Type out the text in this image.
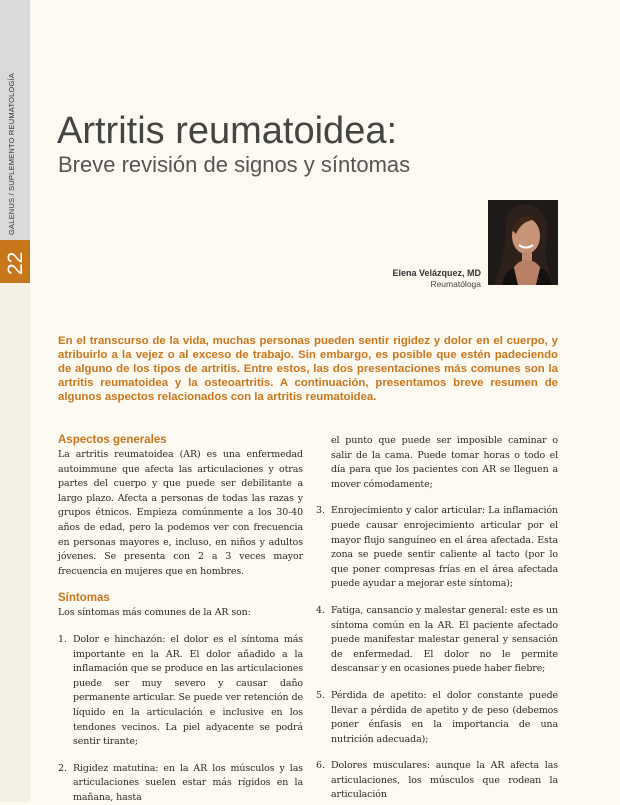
GALENUS / SUPLEMENTO REUMATOLOGÍA
22
Artritis reumatoidea:
Breve revisión de signos y síntomas
Elena Velázquez, MD
Reumatóloga

En el transcurso de la vida, muchas personas pueden sentir rigidez y dolor en el cuerpo, y atribuirlo a la vejez o al exceso de trabajo. Sin embargo, es posible que estén padeciendo de alguno de los tipos de artritis. Entre estos, las dos presentaciones más comunes son la artritis reumatoidea y la osteoartritis. A continuación, presentamos breve resumen de algunos aspectos relacionados con la artritis reumatoidea.

Aspectos generales

La artritis reumatoidea (AR) es una enfermedad autoimmune que afecta las articulaciones y otras partes del cuerpo y que puede ser debilitante a largo plazo. Afecta a personas de todas las razas y grupos étnicos. Empieza comúnmente a los 30-40 años de edad, pero la podemos ver con frecuencia en personas mayores e, incluso, en niños y adultos jóvenes. Se presenta con 2 a 3 veces mayor frecuencia en mujeres que en hombres.

Síntomas

Los síntomas más comunes de la AR son:

1. Dolor e hinchazón: el dolor es el síntoma más importante en la AR. El dolor añadido a la inflamación que se produce en las articulaciones puede ser muy severo y causar daño permanente articular. Se puede ver retención de líquido en la articulación e inclusive en los tendones vecinos. La piel adyacente se podrá sentir tirante;
2. Rigidez matutina: en la AR los músculos y las articulaciones suelen estar más rígidos en la mañana, hasta
el punto que puede ser imposible caminar o salir de la cama. Puede tomar horas o todo el día para que los pacientes con AR se lleguen a mover cómodamente;
3. Enrojecimiento y calor articular: La inflamación puede causar enrojecimiento articular por el mayor flujo sanguíneo en el área afectada. Esta zona se puede sentir caliente al tacto (por lo que poner compresas frías en el área afectada puede ayudar a mejorar este síntoma);
4. Fatiga, cansancio y malestar general: este es un síntoma común en la AR. El paciente afectado puede manifestar malestar general y sensación de enfermedad. El dolor no le permite descansar y en ocasiones puede haber fiebre;
5. Pérdida de apetito: el dolor constante puede llevar a pérdida de apetito y de peso (debemos poner énfasis en la importancia de una nutrición adecuada);
6. Dolores musculares: aunque la AR afecta las articulaciones, los músculos que rodean la articulación
